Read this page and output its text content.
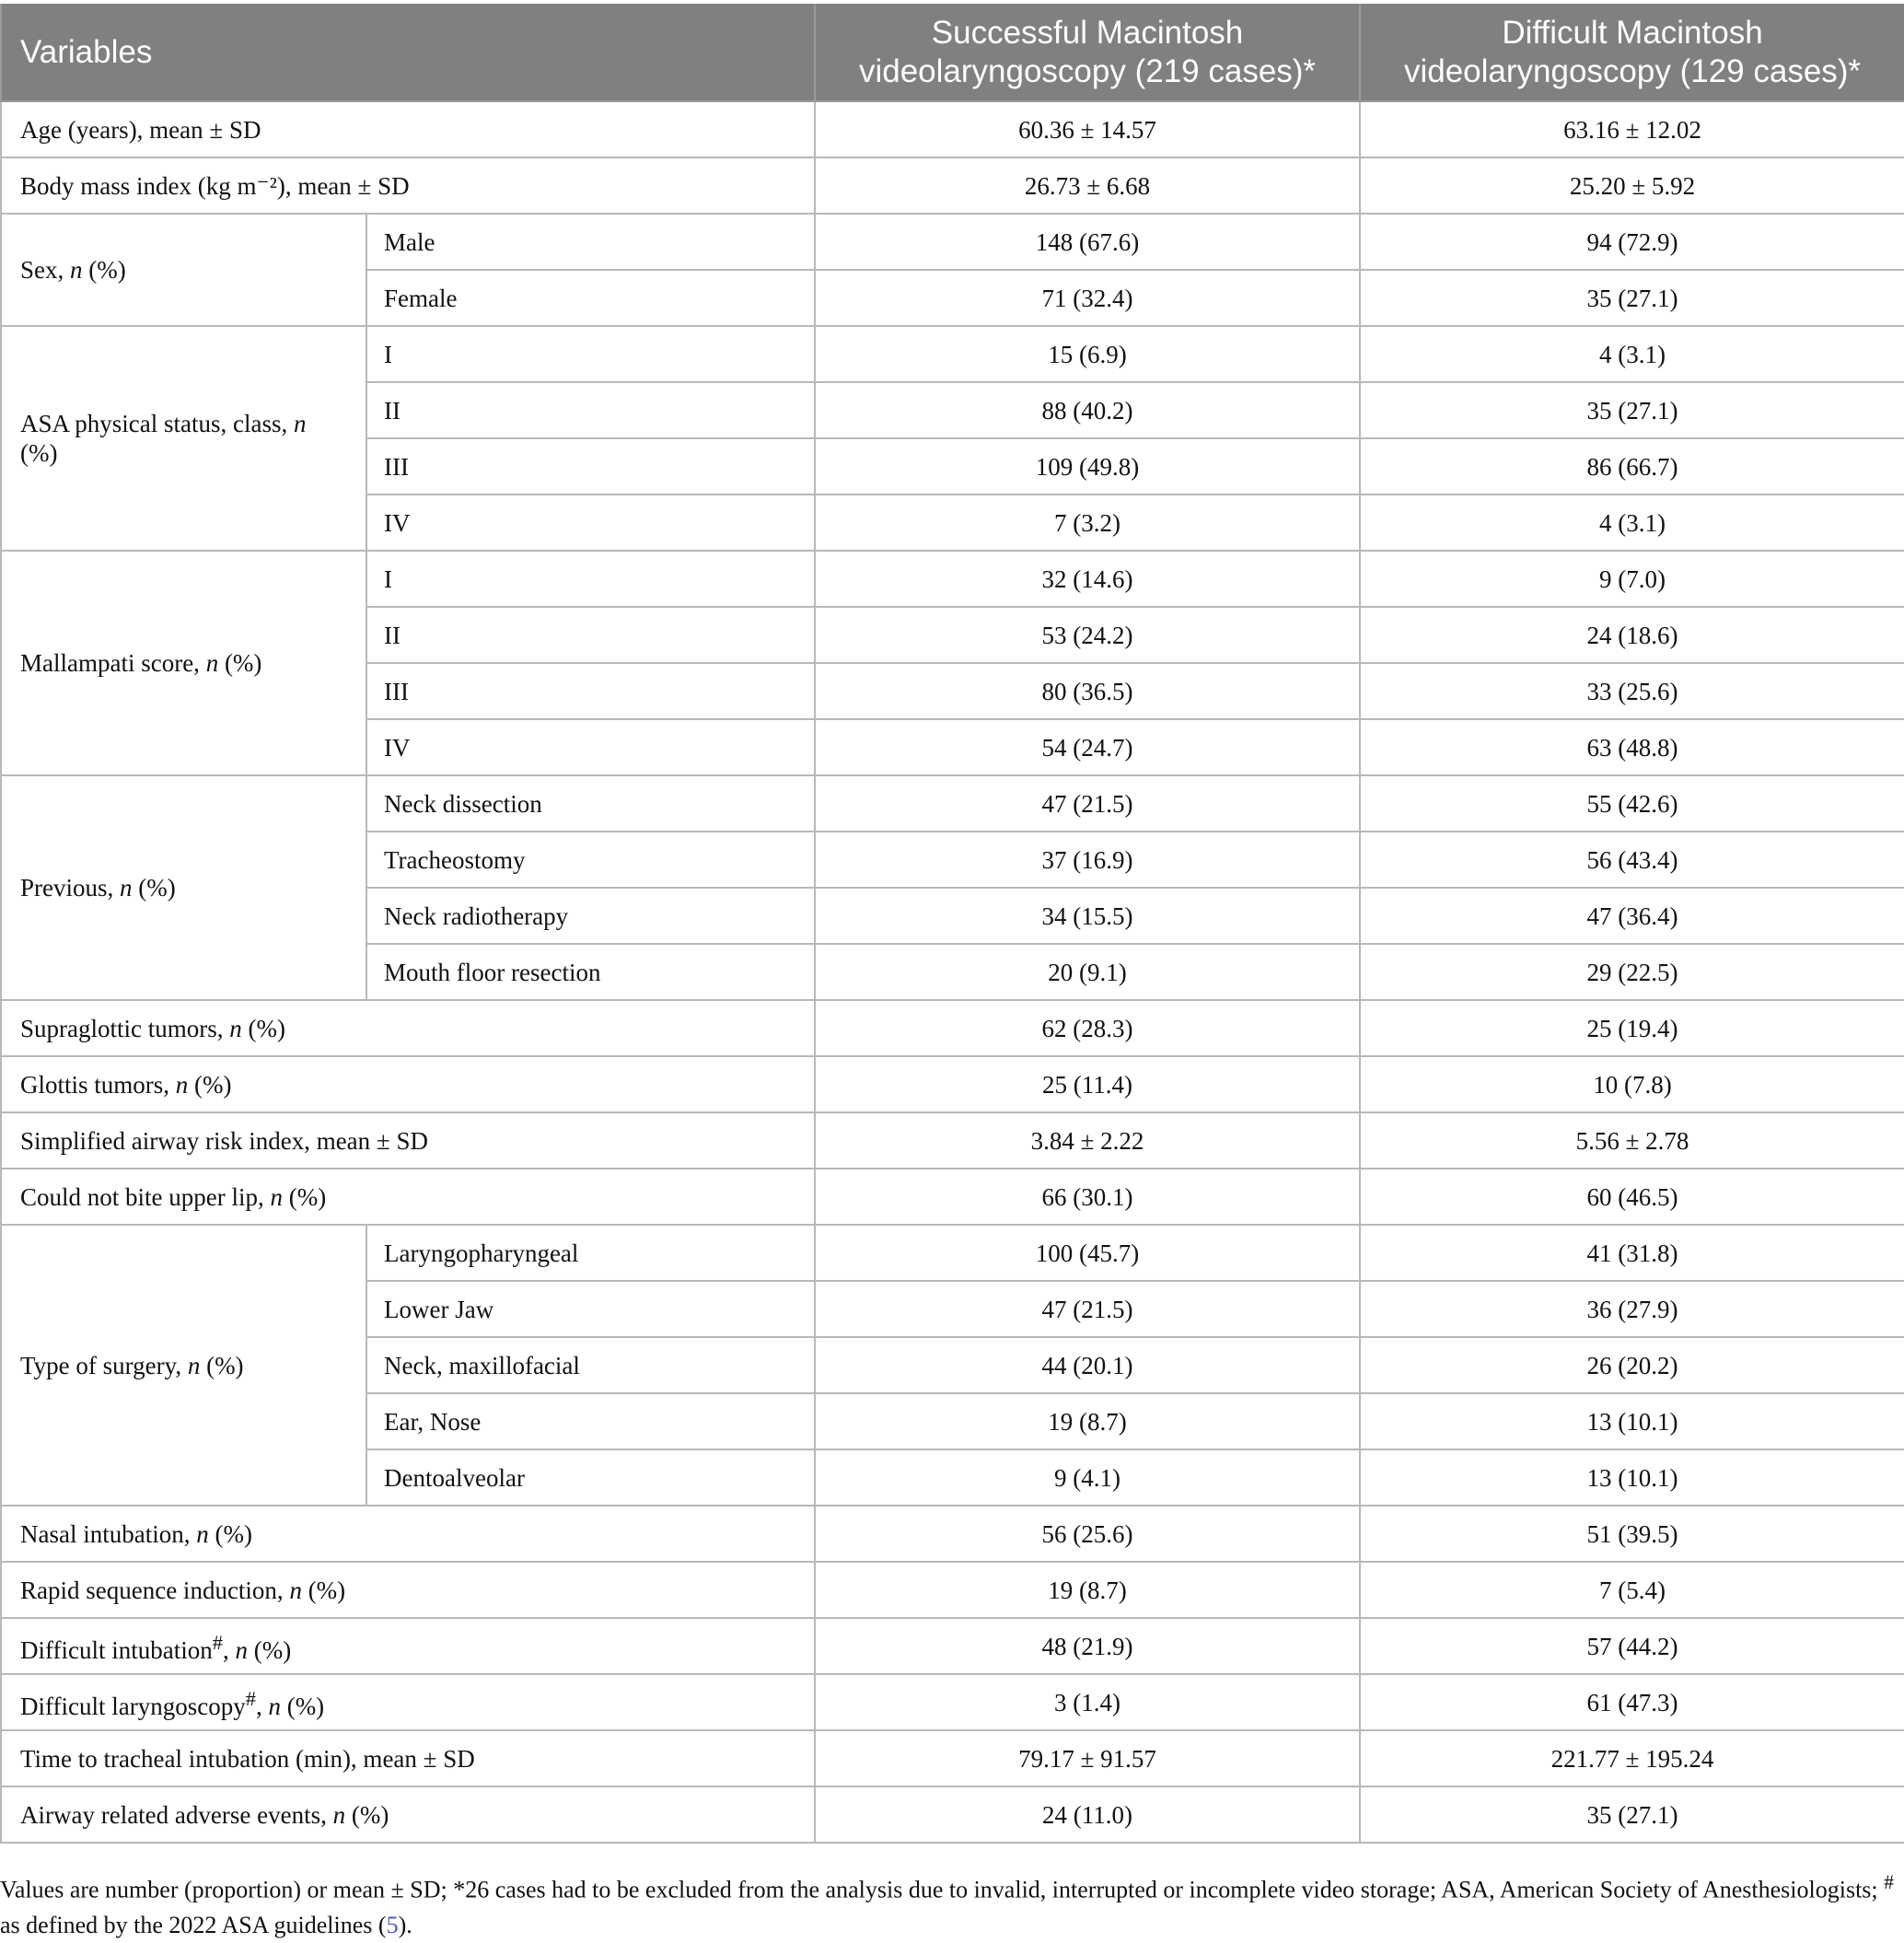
Variables		Successful Macintosh videolaryngoscopy (219 cases)*	Difficult Macintosh videolaryngoscopy (129 cases)*
Age (years), mean ± SD		60.36 ± 14.57	63.16 ± 12.02
Body mass index (kg m⁻²), mean ± SD		26.73 ± 6.68	25.20 ± 5.92
Sex, n (%)	Male	148 (67.6)	94 (72.9)
	Female	71 (32.4)	35 (27.1)
ASA physical status, class, n (%)	I	15 (6.9)	4 (3.1)
	II	88 (40.2)	35 (27.1)
	III	109 (49.8)	86 (66.7)
	IV	7 (3.2)	4 (3.1)
Mallampati score, n (%)	I	32 (14.6)	9 (7.0)
	II	53 (24.2)	24 (18.6)
	III	80 (36.5)	33 (25.6)
	IV	54 (24.7)	63 (48.8)
Previous, n (%)	Neck dissection	47 (21.5)	55 (42.6)
	Tracheostomy	37 (16.9)	56 (43.4)
	Neck radiotherapy	34 (15.5)	47 (36.4)
	Mouth floor resection	20 (9.1)	29 (22.5)
Supraglottic tumors, n (%)		62 (28.3)	25 (19.4)
Glottis tumors, n (%)		25 (11.4)	10 (7.8)
Simplified airway risk index, mean ± SD		3.84 ± 2.22	5.56 ± 2.78
Could not bite upper lip, n (%)		66 (30.1)	60 (46.5)
Type of surgery, n (%)	Laryngopharyngeal	100 (45.7)	41 (31.8)
	Lower Jaw	47 (21.5)	36 (27.9)
	Neck, maxillofacial	44 (20.1)	26 (20.2)
	Ear, Nose	19 (8.7)	13 (10.1)
	Dentoalveolar	9 (4.1)	13 (10.1)
Nasal intubation, n (%)		56 (25.6)	51 (39.5)
Rapid sequence induction, n (%)		19 (8.7)	7 (5.4)
Difficult intubation#, n (%)		48 (21.9)	57 (44.2)
Difficult laryngoscopy#, n (%)		3 (1.4)	61 (47.3)
Time to tracheal intubation (min), mean ± SD		79.17 ± 91.57	221.77 ± 195.24
Airway related adverse events, n (%)		24 (11.0)	35 (27.1)
Values are number (proportion) or mean ± SD; *26 cases had to be excluded from the analysis due to invalid, interrupted or incomplete video storage; ASA, American Society of Anesthesiologists; # as defined by the 2022 ASA guidelines (5).
